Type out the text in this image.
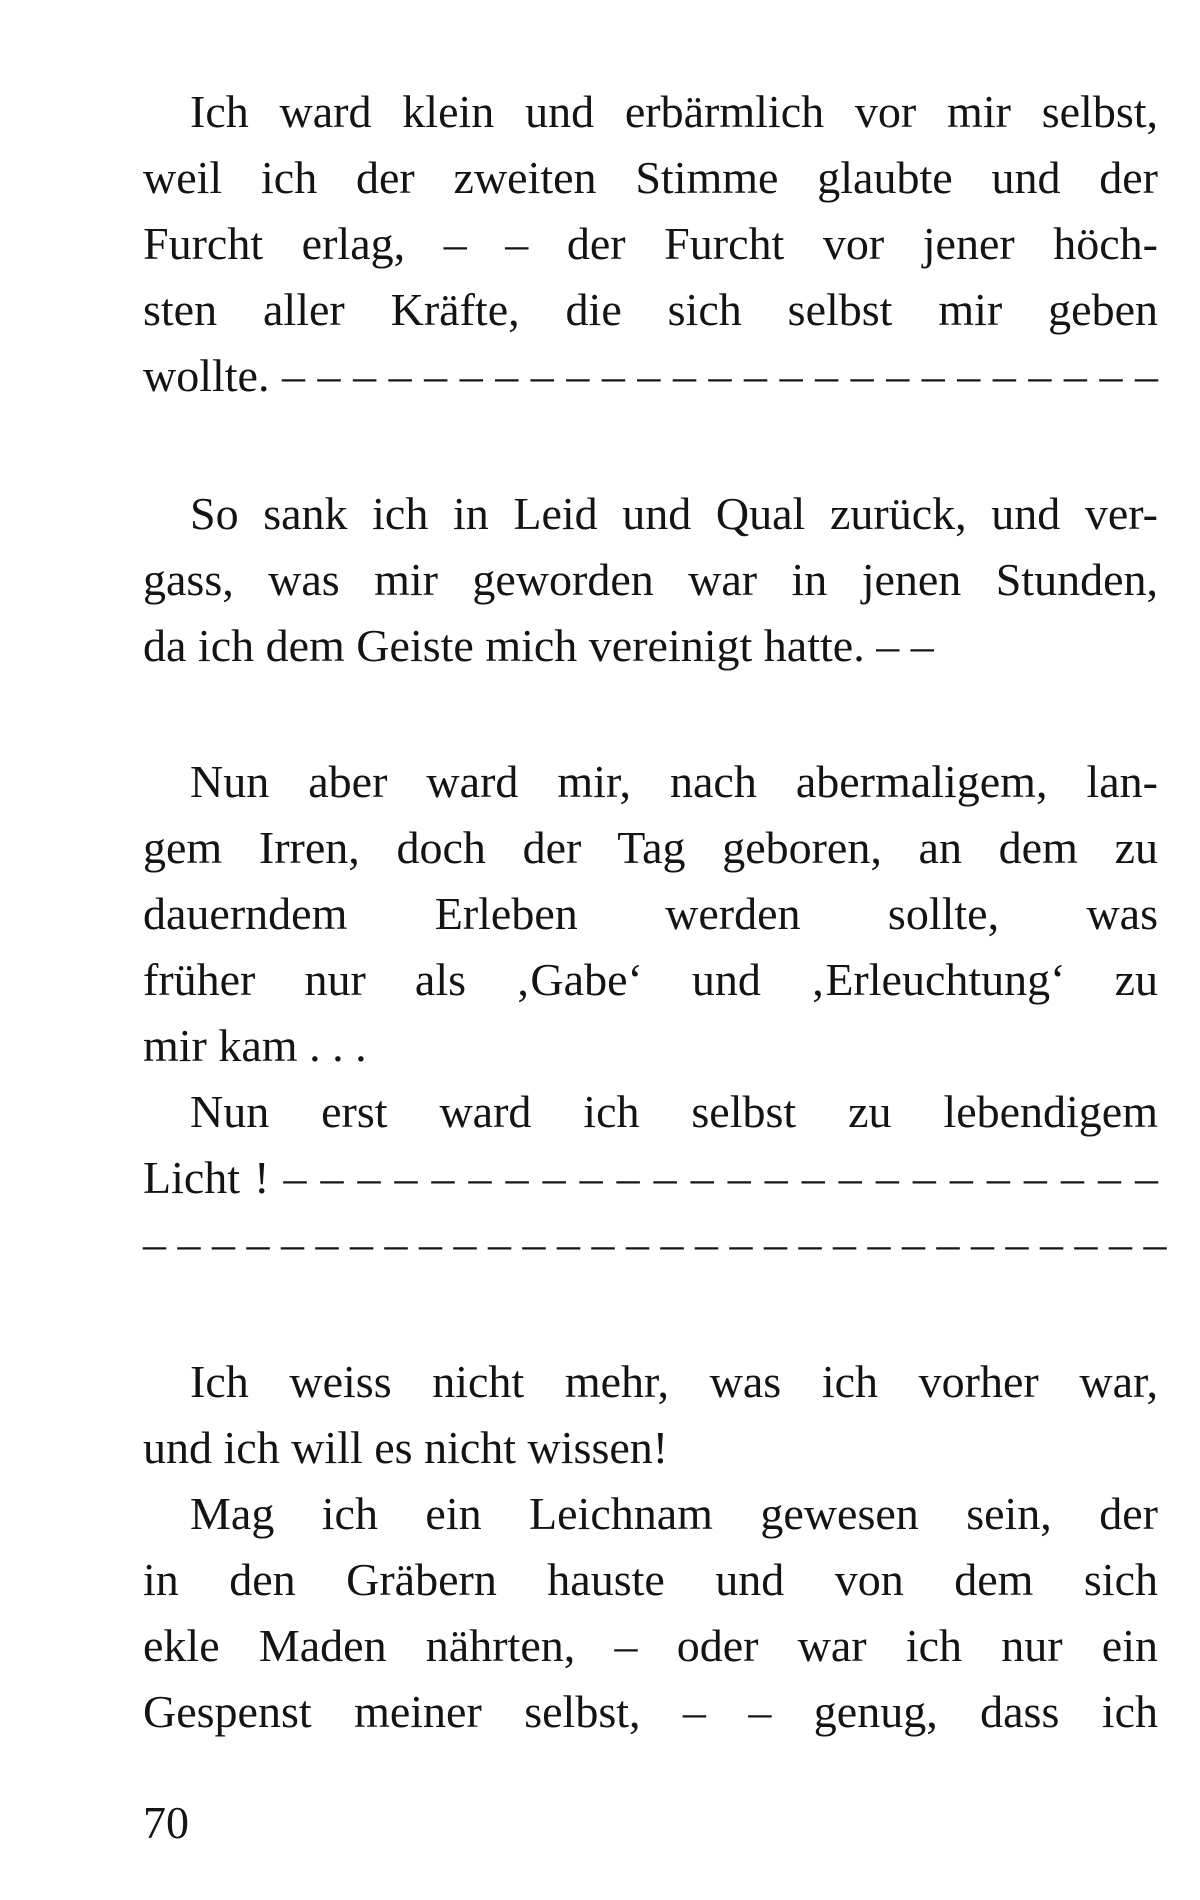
Ich ward klein und erbärmlich vor mir selbst,
weil ich der zweiten Stimme glaubte und der
Furcht erlag, – – der Furcht vor jener höch-
sten aller Kräfte, die sich selbst mir geben
wollte. – – – – – – – – – – – – – – – – – – – – – – – – –
So sank ich in Leid und Qual zurück, und ver-
gass, was mir geworden war in jenen Stunden,
da ich dem Geiste mich vereinigt hatte. – –
Nun aber ward mir, nach abermaligem, lan-
gem Irren, doch der Tag geboren, an dem zu
dauerndem Erleben werden sollte, was
früher nur als ‚Gabe‘ und ‚Erleuchtung‘ zu
mir kam . . .
Nun erst ward ich selbst zu lebendigem
Licht ! – – – – – – – – – – – – – – – – – – – – – – – –
– – – – – – – – – – – – – – – – – – – – – – – – – – – – – –
Ich weiss nicht mehr, was ich vorher war,
und ich will es nicht wissen!
Mag ich ein Leichnam gewesen sein, der
in den Gräbern hauste und von dem sich
ekle Maden nährten, – oder war ich nur ein
Gespenst meiner selbst, – – genug, dass ich
70
